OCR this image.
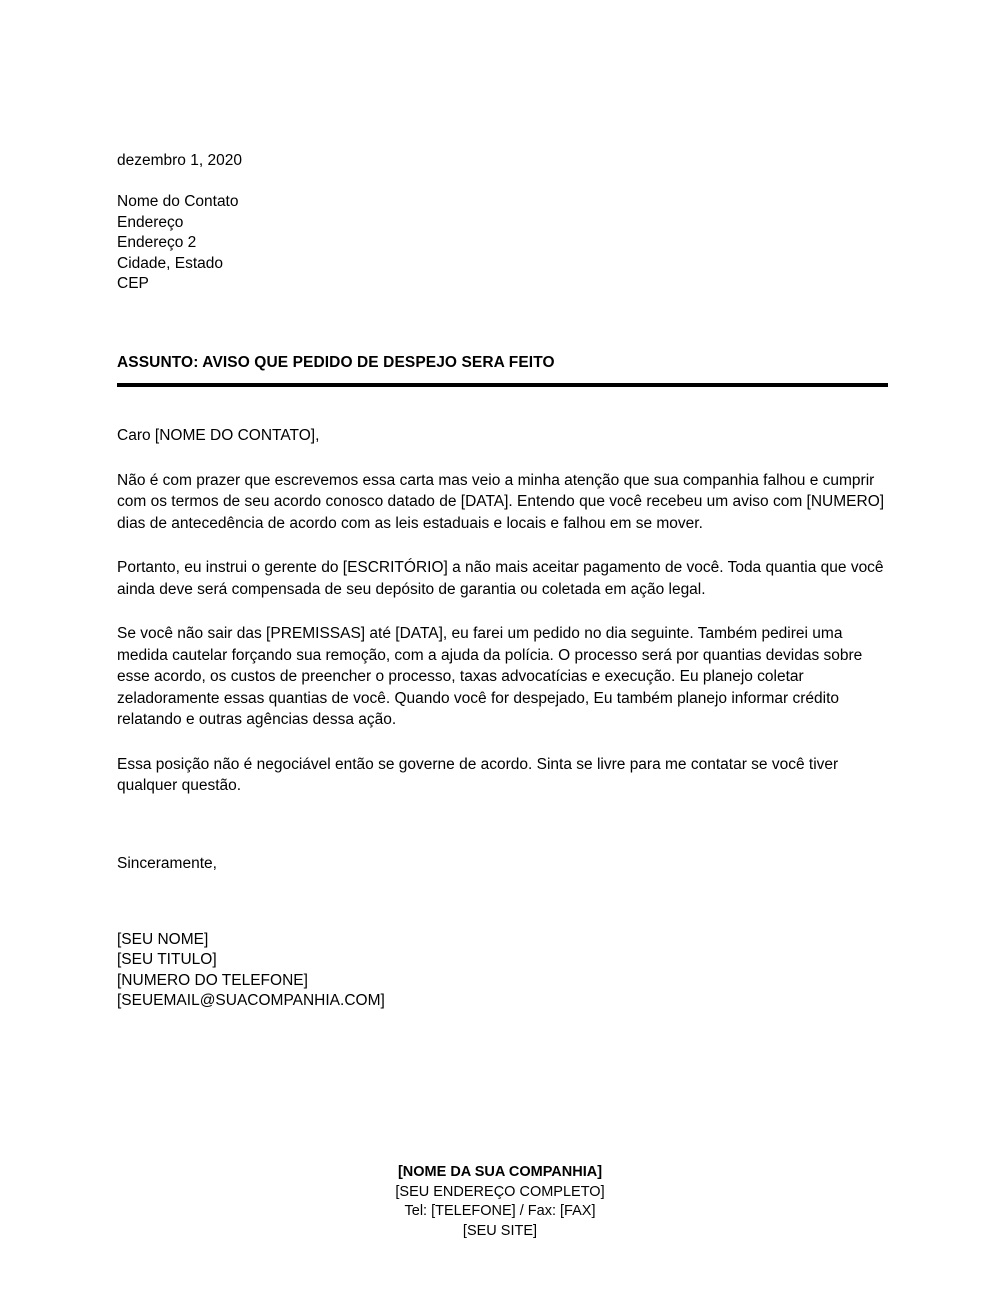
dezembro 1, 2020

Nome do Contato
Endereço
Endereço 2
Cidade, Estado
CEP

ASSUNTO: AVISO QUE PEDIDO DE DESPEJO SERA FEITO

Caro [NOME DO CONTATO],

Não é com prazer que escrevemos essa carta mas veio a minha atenção que sua companhia falhou e cumprir com os termos de seu acordo conosco datado de [DATA]. Entendo que você recebeu um aviso com [NUMERO] dias de antecedência de acordo com as leis estaduais e locais e falhou em se mover.

Portanto, eu instrui o gerente do [ESCRITÓRIO] a não mais aceitar pagamento de você. Toda quantia que você ainda deve será compensada de seu depósito de garantia ou coletada em ação legal.

Se você não sair das [PREMISSAS] até [DATA], eu farei um pedido no dia seguinte. Também pedirei uma medida cautelar forçando sua remoção, com a ajuda da polícia. O processo será por quantias devidas sobre esse acordo, os custos de preencher o processo, taxas advocatícias e execução. Eu planejo coletar zeladoramente essas quantias de você. Quando você for despejado, Eu também planejo informar crédito relatando e outras agências dessa ação.

Essa posição não é negociável então se governe de acordo. Sinta se livre para me contatar se você tiver qualquer questão.

Sinceramente,

[SEU NOME]
[SEU TITULO]
[NUMERO DO TELEFONE]
[SEUEMAIL@SUACOMPANHIA.COM]
[NOME DA SUA COMPANHIA]
[SEU ENDEREÇO COMPLETO]
Tel: [TELEFONE] / Fax: [FAX]
[SEU SITE]
